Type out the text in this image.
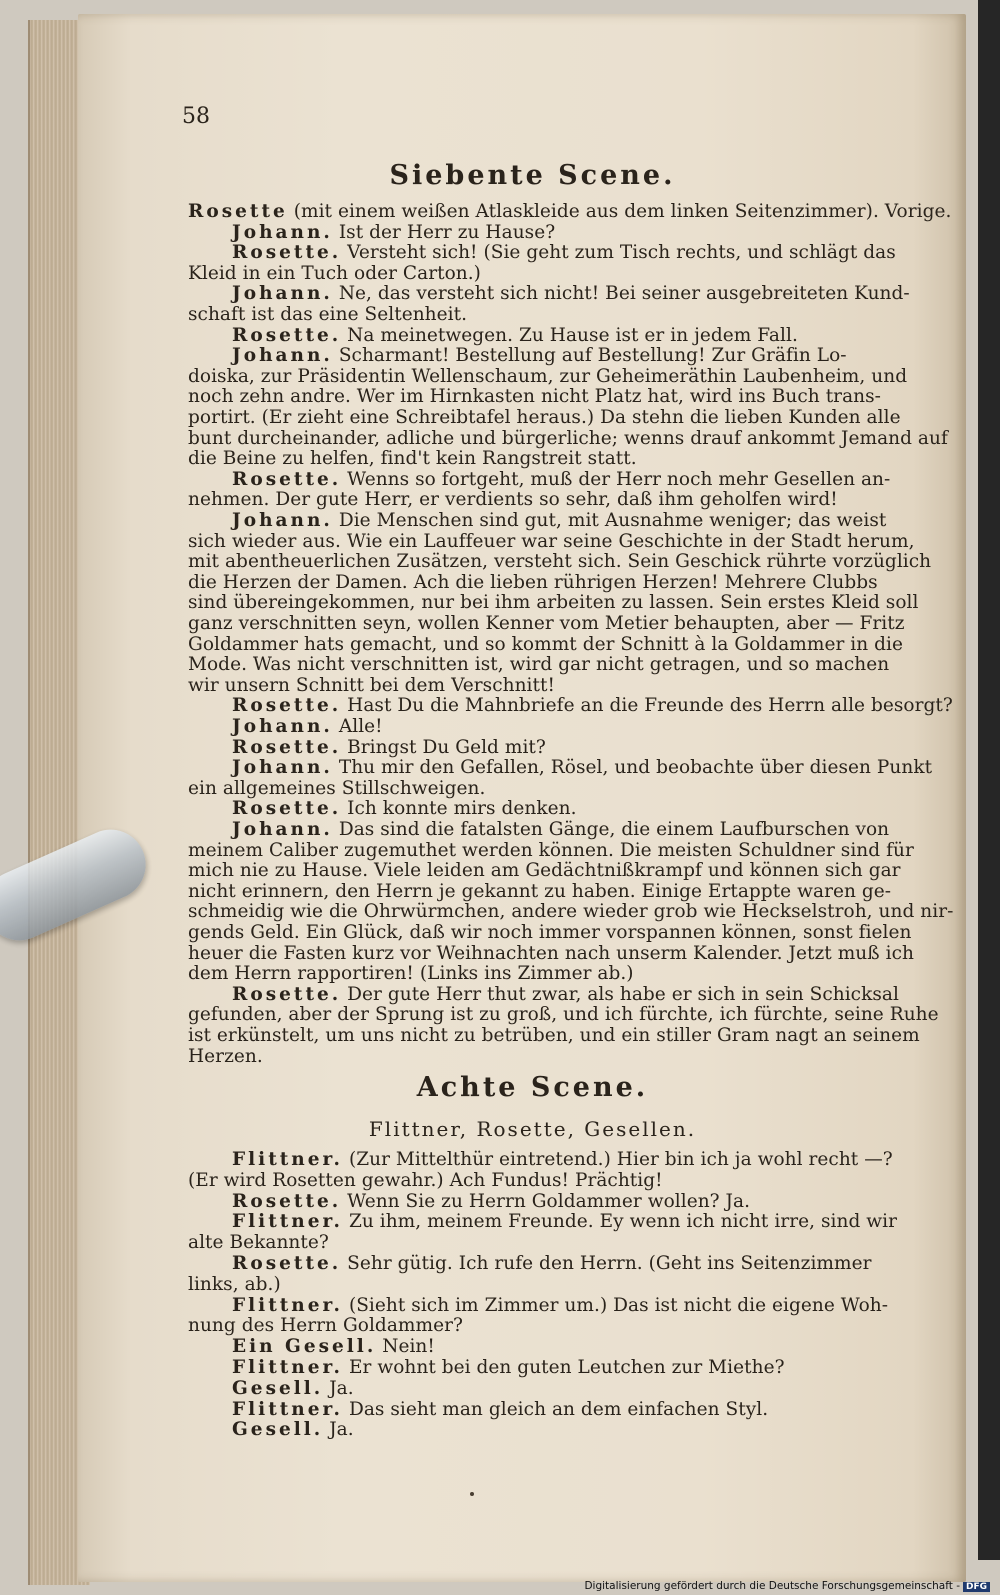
58
Siebente Scene.
Rosette (mit einem weißen Atlaskleide aus dem linken Seitenzimmer). Vorige.
Johann. Ist der Herr zu Hause?
Rosette. Versteht sich! (Sie geht zum Tisch rechts, und schlägt das
Kleid in ein Tuch oder Carton.)
Johann. Ne, das versteht sich nicht! Bei seiner ausgebreiteten Kund-
schaft ist das eine Seltenheit.
Rosette. Na meinetwegen. Zu Hause ist er in jedem Fall.
Johann. Scharmant! Bestellung auf Bestellung! Zur Gräfin Lo-
doiska, zur Präsidentin Wellenschaum, zur Geheimeräthin Laubenheim, und
noch zehn andre. Wer im Hirnkasten nicht Platz hat, wird ins Buch trans-
portirt. (Er zieht eine Schreibtafel heraus.) Da stehn die lieben Kunden alle
bunt durcheinander, adliche und bürgerliche; wenns drauf ankommt Jemand auf
die Beine zu helfen, find't kein Rangstreit statt.
Rosette. Wenns so fortgeht, muß der Herr noch mehr Gesellen an-
nehmen. Der gute Herr, er verdients so sehr, daß ihm geholfen wird!
Johann. Die Menschen sind gut, mit Ausnahme weniger; das weist
sich wieder aus. Wie ein Lauffeuer war seine Geschichte in der Stadt herum,
mit abentheuerlichen Zusätzen, versteht sich. Sein Geschick rührte vorzüglich
die Herzen der Damen. Ach die lieben rührigen Herzen! Mehrere Clubbs
sind übereingekommen, nur bei ihm arbeiten zu lassen. Sein erstes Kleid soll
ganz verschnitten seyn, wollen Kenner vom Metier behaupten, aber — Fritz
Goldammer hats gemacht, und so kommt der Schnitt à la Goldammer in die
Mode. Was nicht verschnitten ist, wird gar nicht getragen, und so machen
wir unsern Schnitt bei dem Verschnitt!
Rosette. Hast Du die Mahnbriefe an die Freunde des Herrn alle besorgt?
Johann. Alle!
Rosette. Bringst Du Geld mit?
Johann. Thu mir den Gefallen, Rösel, und beobachte über diesen Punkt
ein allgemeines Stillschweigen.
Rosette. Ich konnte mirs denken.
Johann. Das sind die fatalsten Gänge, die einem Laufburschen von
meinem Caliber zugemuthet werden können. Die meisten Schuldner sind für
mich nie zu Hause. Viele leiden am Gedächtnißkrampf und können sich gar
nicht erinnern, den Herrn je gekannt zu haben. Einige Ertappte waren ge-
schmeidig wie die Ohrwürmchen, andere wieder grob wie Heckselstroh, und nir-
gends Geld. Ein Glück, daß wir noch immer vorspannen können, sonst fielen
heuer die Fasten kurz vor Weihnachten nach unserm Kalender. Jetzt muß ich
dem Herrn rapportiren! (Links ins Zimmer ab.)
Rosette. Der gute Herr thut zwar, als habe er sich in sein Schicksal
gefunden, aber der Sprung ist zu groß, und ich fürchte, ich fürchte, seine Ruhe
ist erkünstelt, um uns nicht zu betrüben, und ein stiller Gram nagt an seinem
Herzen.
Achte Scene.
Flittner, Rosette, Gesellen.
Flittner. (Zur Mittelthür eintretend.) Hier bin ich ja wohl recht —?
(Er wird Rosetten gewahr.) Ach Fundus! Prächtig!
Rosette. Wenn Sie zu Herrn Goldammer wollen? Ja.
Flittner. Zu ihm, meinem Freunde. Ey wenn ich nicht irre, sind wir
alte Bekannte?
Rosette. Sehr gütig. Ich rufe den Herrn. (Geht ins Seitenzimmer
links, ab.)
Flittner. (Sieht sich im Zimmer um.) Das ist nicht die eigene Woh-
nung des Herrn Goldammer?
Ein Gesell. Nein!
Flittner. Er wohnt bei den guten Leutchen zur Miethe?
Gesell. Ja.
Flittner. Das sieht man gleich an dem einfachen Styl.
Gesell. Ja.
Digitalisierung gefördert durch die Deutsche Forschungsgemeinschaft - DFG
